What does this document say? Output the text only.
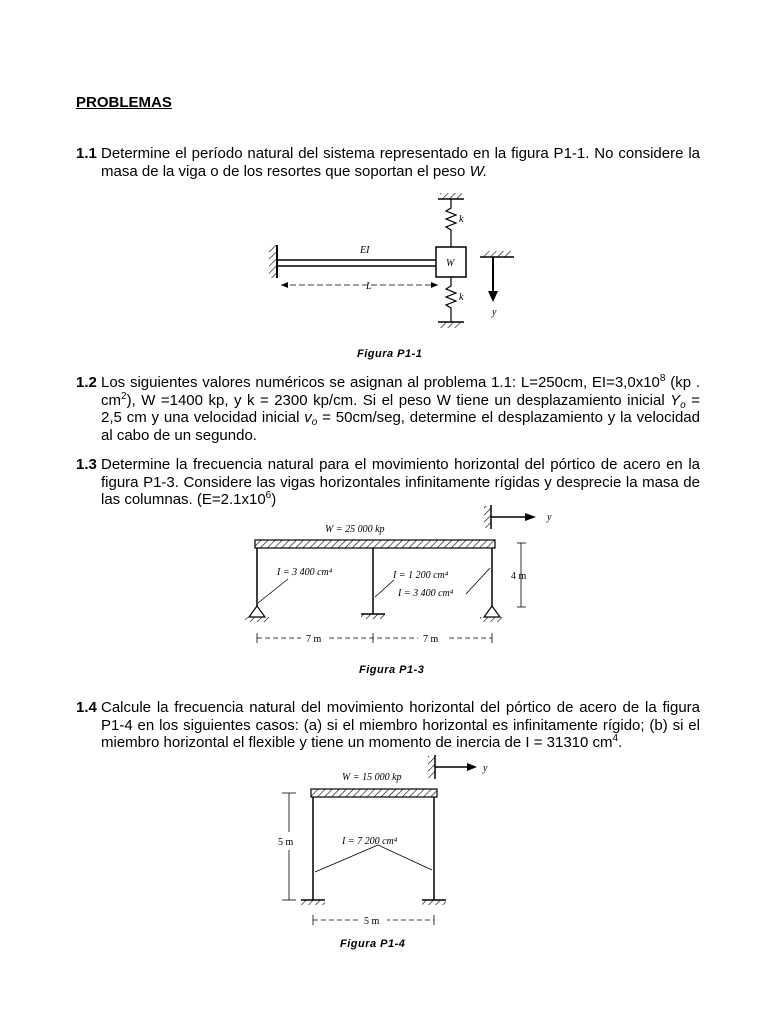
PROBLEMAS
1.1 Determine el período natural del sistema representado en la figura P1-1. No considere la masa de la viga o de los resortes que soportan el peso W.
EI
W
k
k
L
y
Figura P1-1
1.2 Los siguientes valores numéricos se asignan al problema 1.1: L=250cm, $EI=3,0x10^8$ (kp . $cm^2$), W =1400 kp, y k = 2300 kp/cm. Si el peso W tiene un desplazamiento inicial $Y_o = 2,5$ cm y una velocidad inicial $v_o = 50cm/seg$, determine el desplazamiento y la velocidad al cabo de un segundo.
1.3 Determine la frecuencia natural para el movimiento horizontal del pórtico de acero en la figura P1-3. Considere las vigas horizontales infinitamente rígidas y desprecie la masa de las columnas. $(E=2.1x10^6)$
y
W = 25 000 kp
I = 3 400 cm⁴	I = 1 200 cm⁴
I = 3 400 cm⁴
4 m
7 m	7 m
Figura P1-3
1.4 Calcule la frecuencia natural del movimiento horizontal del pórtico de acero de la figura P1-4 en los siguientes casos: (a) si el miembro horizontal es infinitamente rígido; (b) si el miembro horizontal el flexible y tiene un momento de inercia de I = 31310 $cm^4$.
y
W = 15 000 kp
I = 7 200 cm⁴
5 m
5 m
Figura P1-4
